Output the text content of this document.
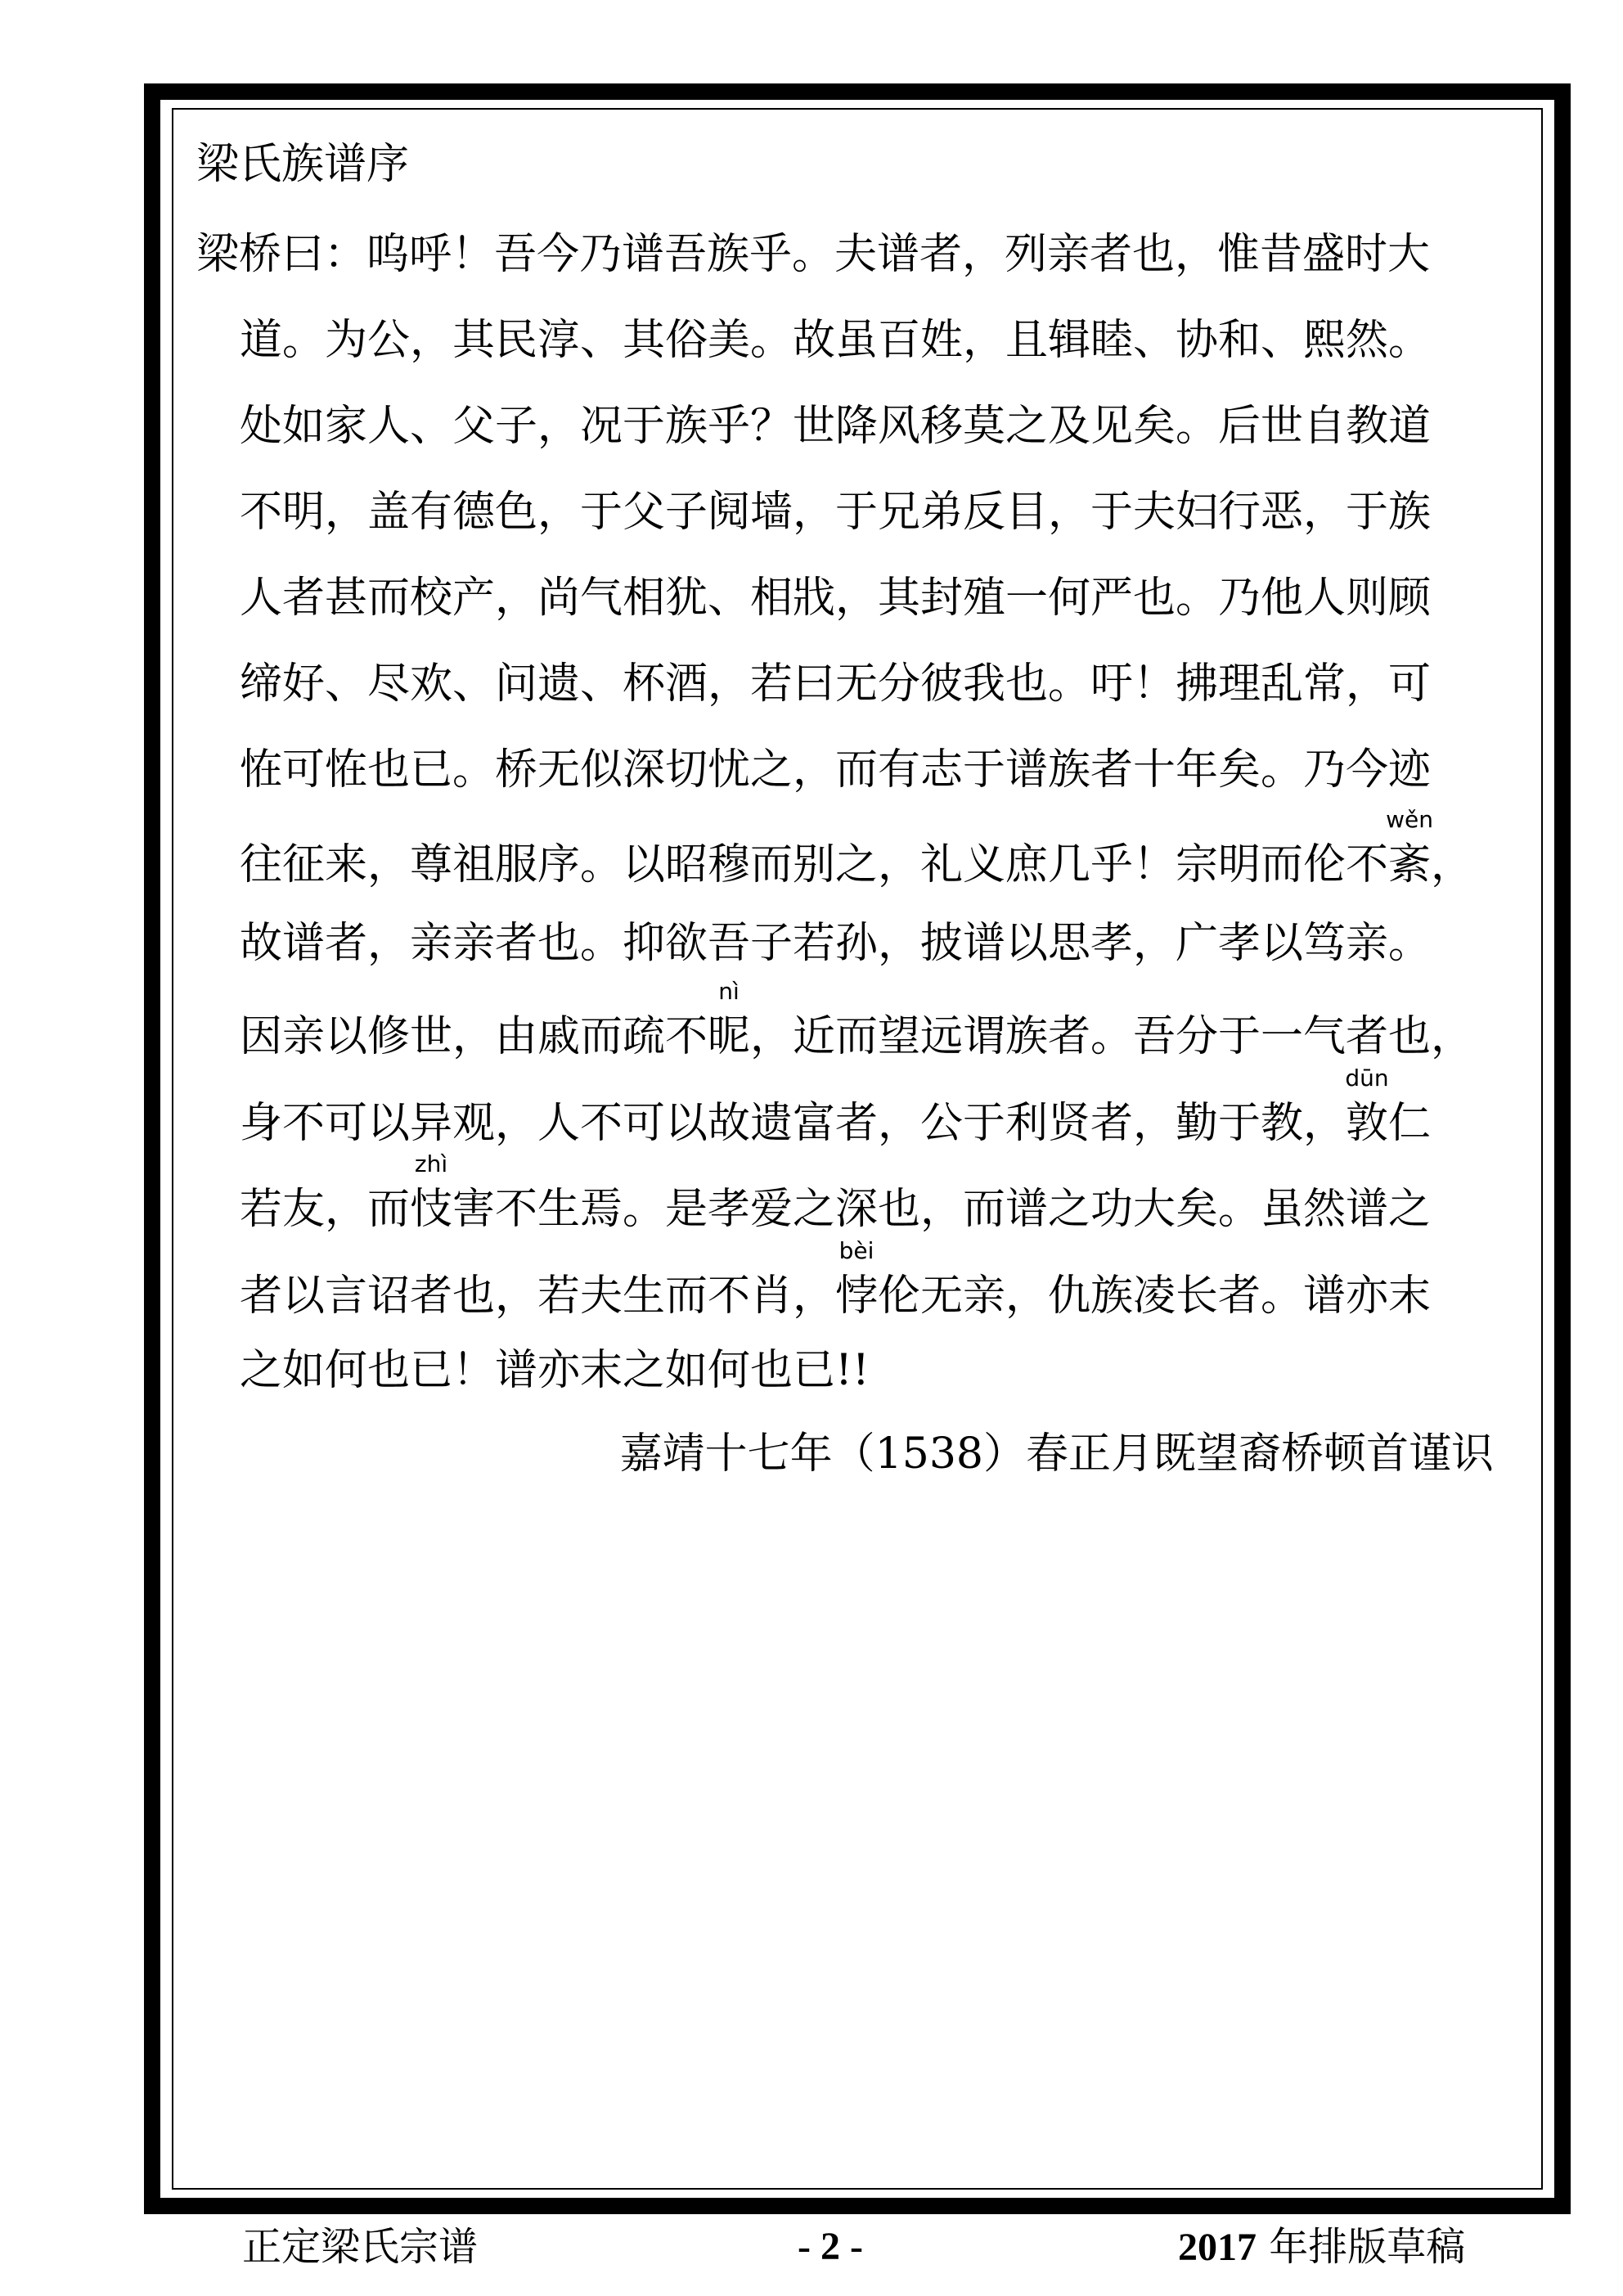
梁氏族谱序
梁桥曰：呜呼！吾今乃谱吾族乎。夫谱者，列亲者也，惟昔盛时大
道。为公，其民淳、其俗美。故虽百姓，且辑睦、协和、熙然。
处如家人、父子，况于族乎？世降风移莫之及见矣。后世自教道
不明，盖有德色，于父子阋墙，于兄弟反目，于夫妇行恶，于族
人者甚而校产，尚气相犹、相戕，其封殖一何严也。乃他人则顾
缔好、尽欢、问遗、杯酒，若曰无分彼我也。吁！拂理乱常，可
恠可恠也已。桥无似深切忧之，而有志于谱族者十年矣。乃今迹
往征来，尊祖服序。以昭穆而别之，礼义庶几乎！宗明而伦不
wěn
紊，
故谱者，亲亲者也。抑欲吾子若孙，披谱以思孝，广孝以笃亲。
因亲以修世，由戚而疏不
nì
昵，近而望远谓族者。吾分于一气者也，
身不可以异观，人不可以故遗富者，公于利贤者，勤于教，
dūn
敦仁
若友，而
zhì
忮害不生焉。是孝爱之深也，而谱之功大矣。虽然谱之
者以言诏者也，若夫生而不肖，
bèi
悖伦无亲，仇族凌长者。谱亦末
之如何也已！谱亦末之如何也已!!
嘉靖十七年（1538）春正月既望裔桥顿首谨识
正定梁氏宗谱	- 2 -	2017 年排版草稿
